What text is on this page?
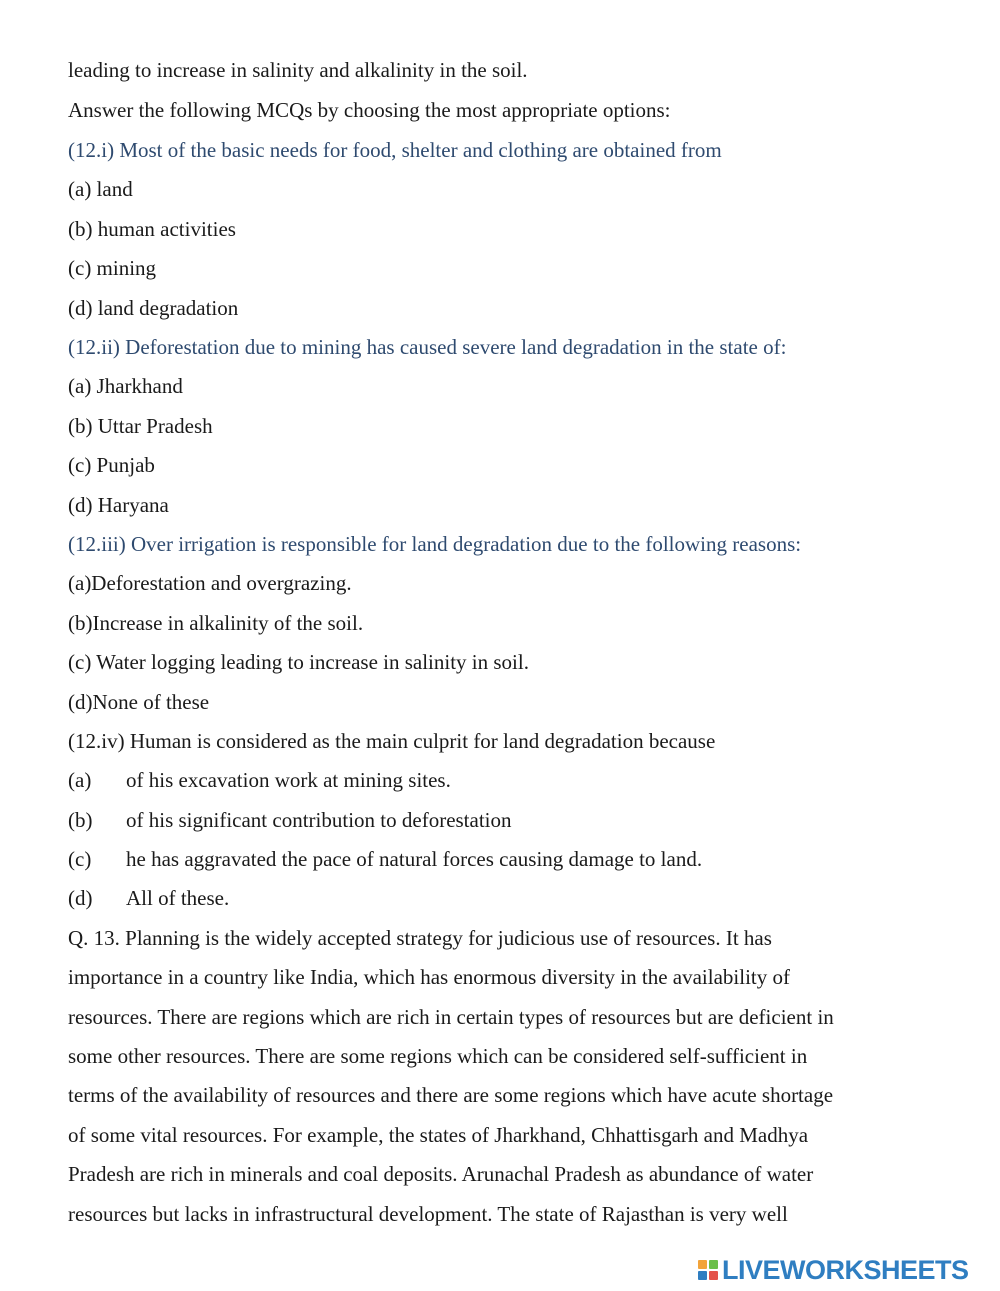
leading to increase in salinity and alkalinity in the soil.
Answer the following MCQs by choosing the most appropriate options:
(12.i) Most of the basic needs for food, shelter and clothing are obtained from
(a) land
(b) human activities
(c) mining
(d) land degradation
(12.ii) Deforestation due to mining has caused severe land degradation in the state of:
(a) Jharkhand
(b) Uttar Pradesh
(c) Punjab
(d) Haryana
(12.iii) Over irrigation is responsible for land degradation due to the following reasons:
(a)Deforestation and overgrazing.
(b)Increase in alkalinity of the soil.
(c) Water logging leading to increase in salinity in soil.
(d)None of these
(12.iv) Human is considered as the main culprit for land degradation because
(a) of his excavation work at mining sites.
(b) of his significant contribution to deforestation
(c) he has aggravated the pace of natural forces causing damage to land.
(d) All of these.
Q. 13. Planning is the widely accepted strategy for judicious use of resources. It has
importance in a country like India, which has enormous diversity in the availability of
resources. There are regions which are rich in certain types of resources but are deficient in
some other resources. There are some regions which can be considered self-sufficient in
terms of the availability of resources and there are some regions which have acute shortage
of some vital resources. For example, the states of Jharkhand, Chhattisgarh and Madhya
Pradesh are rich in minerals and coal deposits. Arunachal Pradesh as abundance of water
resources but lacks in infrastructural development. The state of Rajasthan is very well
LIVEWORKSHEETS
